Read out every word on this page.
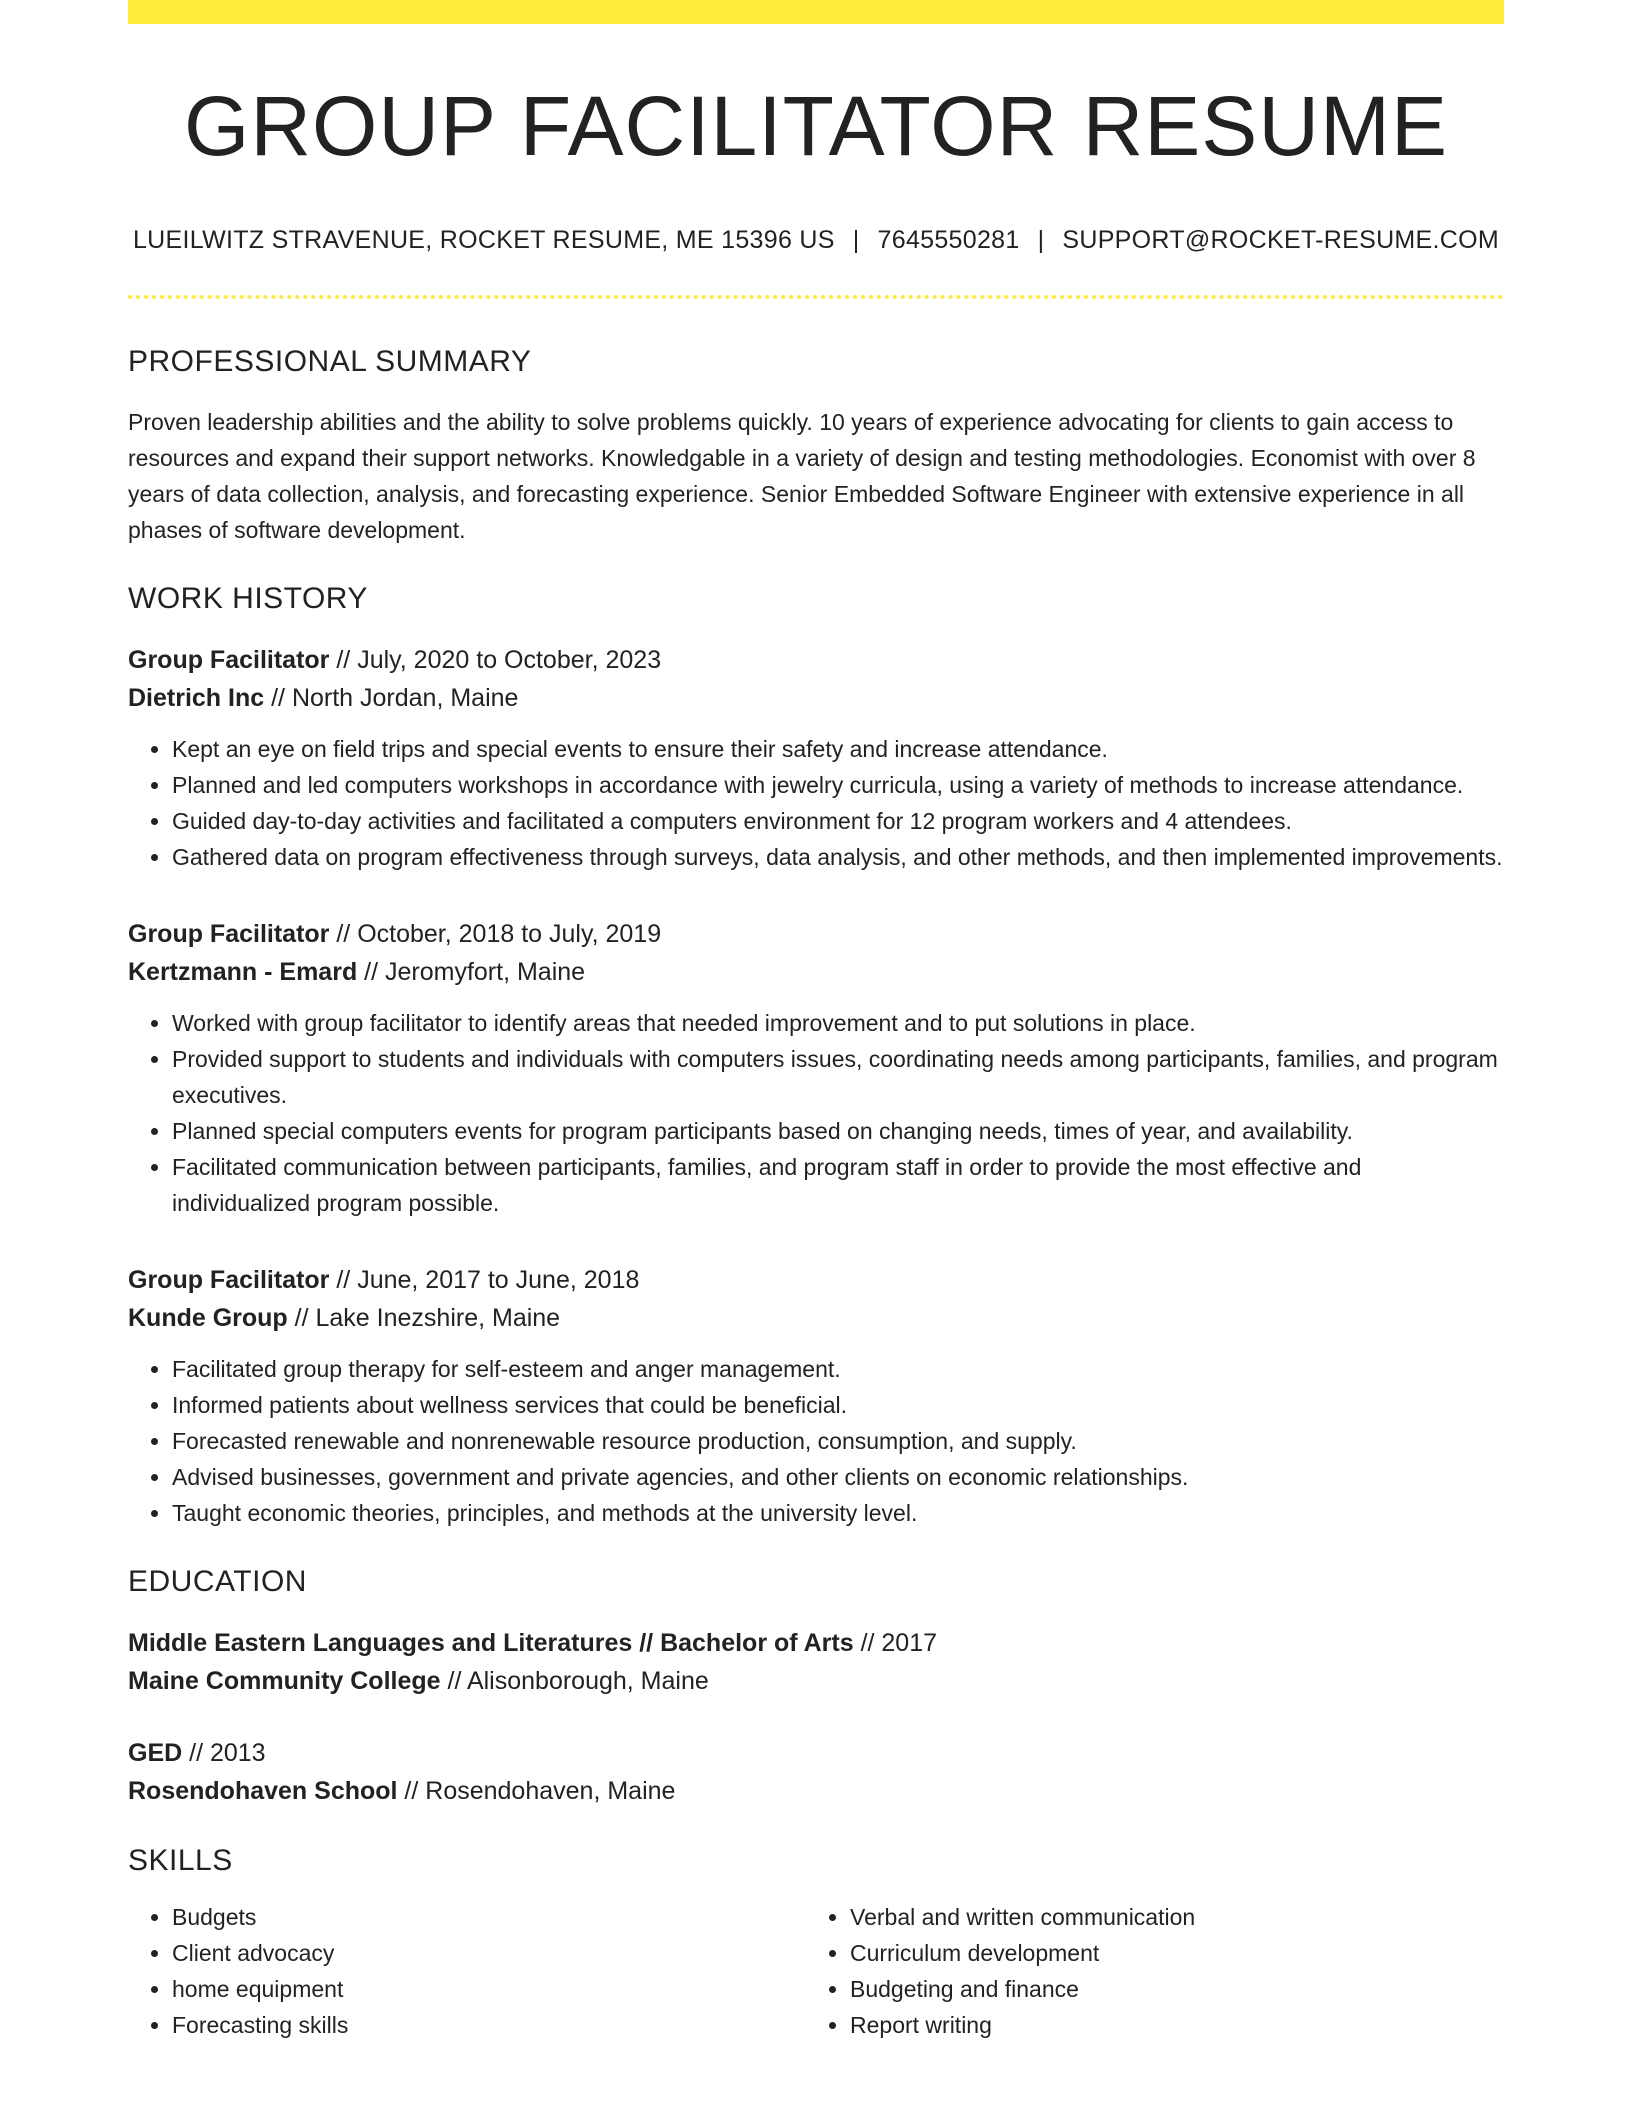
GROUP FACILITATOR RESUME
LUEILWITZ STRAVENUE, ROCKET RESUME, ME 15396 US | 7645550281 | SUPPORT@ROCKET-RESUME.COM
PROFESSIONAL SUMMARY
Proven leadership abilities and the ability to solve problems quickly. 10 years of experience advocating for clients to gain access to resources and expand their support networks. Knowledgable in a variety of design and testing methodologies. Economist with over 8 years of data collection, analysis, and forecasting experience. Senior Embedded Software Engineer with extensive experience in all phases of software development.
WORK HISTORY
Group Facilitator // July, 2020 to October, 2023
Dietrich Inc // North Jordan, Maine
• Kept an eye on field trips and special events to ensure their safety and increase attendance.
• Planned and led computers workshops in accordance with jewelry curricula, using a variety of methods to increase attendance.
• Guided day-to-day activities and facilitated a computers environment for 12 program workers and 4 attendees.
• Gathered data on program effectiveness through surveys, data analysis, and other methods, and then implemented improvements.
Group Facilitator // October, 2018 to July, 2019
Kertzmann - Emard // Jeromyfort, Maine
• Worked with group facilitator to identify areas that needed improvement and to put solutions in place.
• Provided support to students and individuals with computers issues, coordinating needs among participants, families, and program executives.
• Planned special computers events for program participants based on changing needs, times of year, and availability.
• Facilitated communication between participants, families, and program staff in order to provide the most effective and individualized program possible.
Group Facilitator // June, 2017 to June, 2018
Kunde Group // Lake Inezshire, Maine
• Facilitated group therapy for self-esteem and anger management.
• Informed patients about wellness services that could be beneficial.
• Forecasted renewable and nonrenewable resource production, consumption, and supply.
• Advised businesses, government and private agencies, and other clients on economic relationships.
• Taught economic theories, principles, and methods at the university level.
EDUCATION
Middle Eastern Languages and Literatures // Bachelor of Arts // 2017
Maine Community College // Alisonborough, Maine
GED // 2013
Rosendohaven School // Rosendohaven, Maine
SKILLS
• Budgets
• Client advocacy
• home equipment
• Forecasting skills
• Verbal and written communication
• Curriculum development
• Budgeting and finance
• Report writing
